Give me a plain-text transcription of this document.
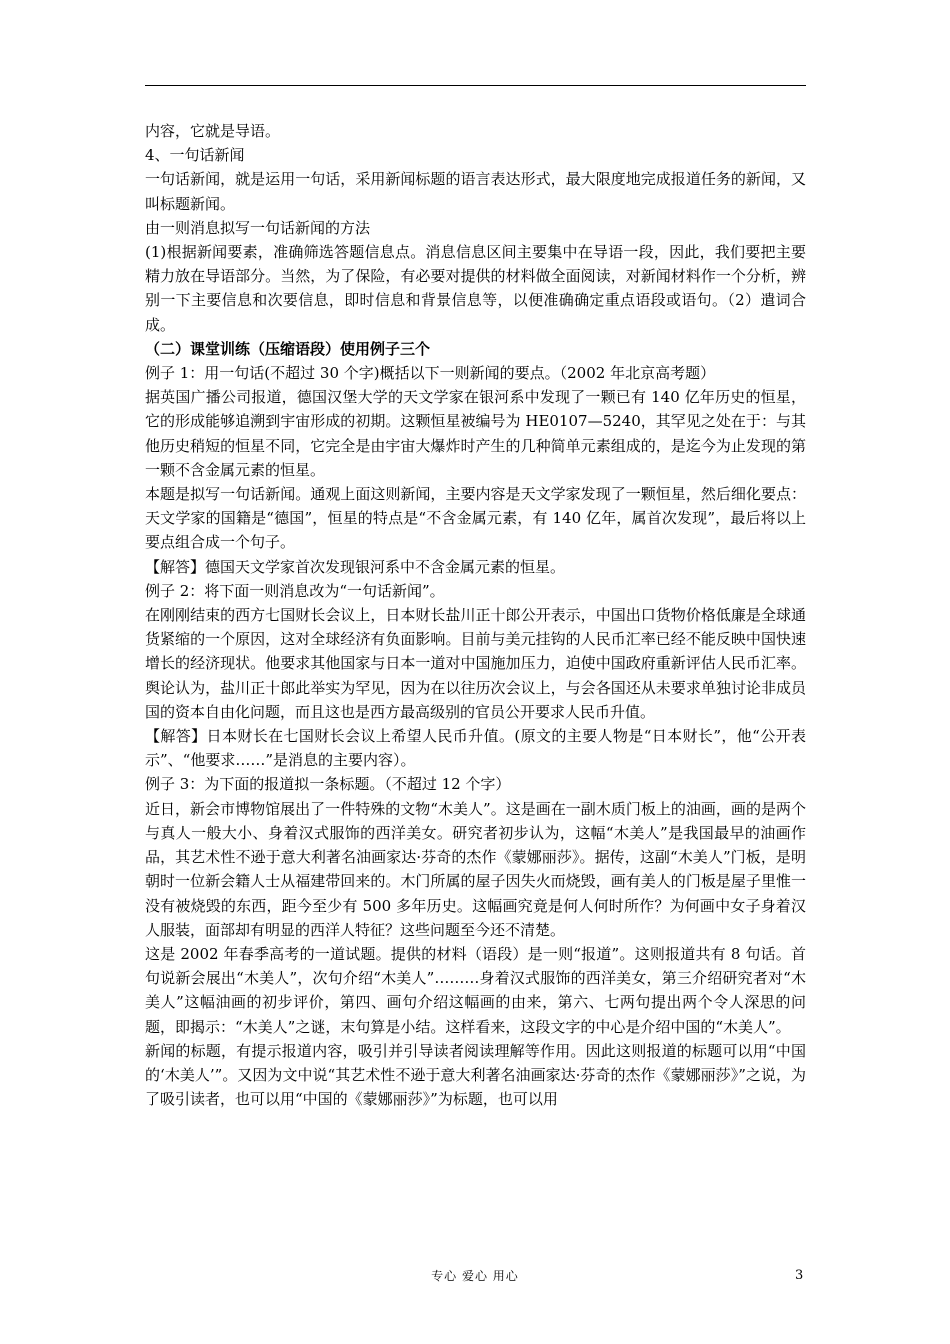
内容，它就是导语。

4、一句话新闻

一句话新闻，就是运用一句话，采用新闻标题的语言表达形式，最大限度地完成报道任务的新闻，又叫标题新闻。

由一则消息拟写一句话新闻的方法

(1)根据新闻要素，准确筛选答题信息点。消息信息区间主要集中在导语一段，因此，我们要把主要精力放在导语部分。当然，为了保险，有必要对提供的材料做全面阅读，对新闻材料作一个分析，辨别一下主要信息和次要信息，即时信息和背景信息等，以便准确确定重点语段或语句。（2）遣词合成。

（二）课堂训练（压缩语段）使用例子三个

例子 1：用一句话(不超过 30 个字)概括以下一则新闻的要点。（2002 年北京高考题）

据英国广播公司报道，德国汉堡大学的天文学家在银河系中发现了一颗已有 140 亿年历史的恒星，它的形成能够追溯到宇宙形成的初期。这颗恒星被编号为 HE0107—5240，其罕见之处在于：与其他历史稍短的恒星不同，它完全是由宇宙大爆炸时产生的几种简单元素组成的，是迄今为止发现的第一颗不含金属元素的恒星。

本题是拟写一句话新闻。通观上面这则新闻，主要内容是天文学家发现了一颗恒星，然后细化要点：天文学家的国籍是“德国”，恒星的特点是“不含金属元素，有 140 亿年，属首次发现”，最后将以上要点组合成一个句子。

【解答】德国天文学家首次发现银河系中不含金属元素的恒星。

例子 2：将下面一则消息改为“一句话新闻”。

在刚刚结束的西方七国财长会议上，日本财长盐川正十郎公开表示，中国出口货物价格低廉是全球通货紧缩的一个原因，这对全球经济有负面影响。目前与美元挂钩的人民币汇率已经不能反映中国快速增长的经济现状。他要求其他国家与日本一道对中国施加压力，迫使中国政府重新评估人民币汇率。舆论认为，盐川正十郎此举实为罕见，因为在以往历次会议上，与会各国还从未要求单独讨论非成员国的资本自由化问题，而且这也是西方最高级别的官员公开要求人民币升值。

【解答】日本财长在七国财长会议上希望人民币升值。(原文的主要人物是“日本财长”，他“公开表示”、“他要求……”是消息的主要内容）。

例子 3：为下面的报道拟一条标题。（不超过 12 个字）

近日，新会市博物馆展出了一件特殊的文物“木美人”。这是画在一副木质门板上的油画，画的是两个与真人一般大小、身着汉式服饰的西洋美女。研究者初步认为，这幅“木美人”是我国最早的油画作品，其艺术性不逊于意大利著名油画家达·芬奇的杰作《蒙娜丽莎》。据传，这副“木美人”门板，是明朝时一位新会籍人士从福建带回来的。木门所属的屋子因失火而烧毁，画有美人的门板是屋子里惟一没有被烧毁的东西，距今至少有 500 多年历史。这幅画究竟是何人何时所作？为何画中女子身着汉人服装，面部却有明显的西洋人特征？这些问题至今还不清楚。

这是 2002 年春季高考的一道试题。提供的材料（语段）是一则“报道”。这则报道共有 8 句话。首句说新会展出“木美人”，次句介绍“木美人”………身着汉式服饰的西洋美女，第三介绍研究者对“木美人”这幅油画的初步评价，第四、画句介绍这幅画的由来，第六、七两句提出两个令人深思的问题，即揭示：“木美人”之谜，末句算是小结。这样看来，这段文字的中心是介绍中国的“木美人”。

新闻的标题，有提示报道内容，吸引并引导读者阅读理解等作用。因此这则报道的标题可以用“中国的‘木美人’”。又因为文中说“其艺术性不逊于意大利著名油画家达·芬奇的杰作《蒙娜丽莎》”之说，为了吸引读者，也可以用“中国的《蒙娜丽莎》”为标题，也可以用

专心 爱心 用心	3
